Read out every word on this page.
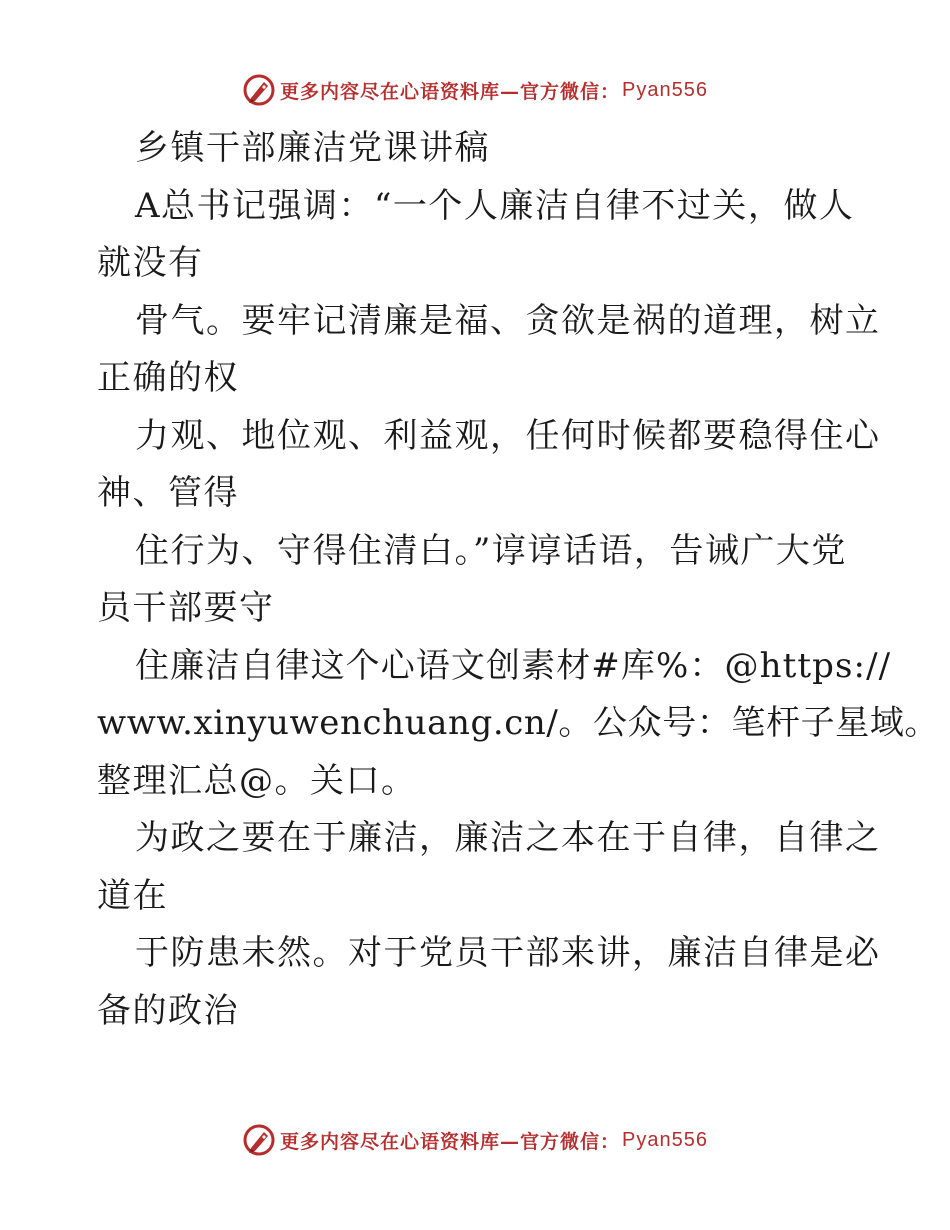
更多内容尽在心语资料库—官方微信： Pyan556
乡镇干部廉洁党课讲稿
A总书记强调：“一个人廉洁自律不过关，做人
就没有
骨气。要牢记清廉是福、贪欲是祸的道理，树立
正确的权
力观、地位观、利益观，任何时候都要稳得住心
神、管得
住行为、守得住清白。”谆谆话语，告诫广大党
员干部要守
住廉洁自律这个心语文创素材#库%：@https://
www.xinyuwenchuang.cn/。公众号：笔杆子星域。
整理汇总@。关口。
为政之要在于廉洁，廉洁之本在于自律，自律之
道在
于防患未然。对于党员干部来讲，廉洁自律是必
备的政治
更多内容尽在心语资料库—官方微信： Pyan556
